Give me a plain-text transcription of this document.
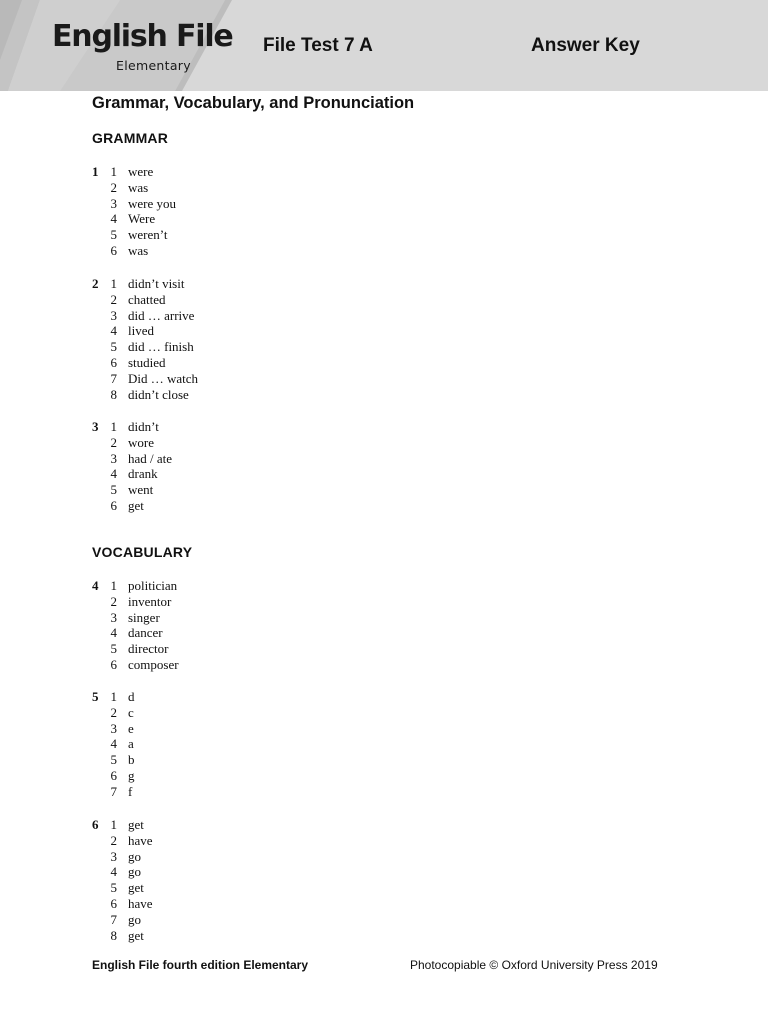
English File
Elementary
File Test 7 A	Answer Key
Grammar, Vocabulary, and Pronunciation
GRAMMAR
1 1 were
2 was
3 were you
4 Were
5 weren’t
6 was
2 1 didn’t visit
2 chatted
3 did … arrive
4 lived
5 did … finish
6 studied
7 Did … watch
8 didn’t close
3 1 didn’t
2 wore
3 had / ate
4 drank
5 went
6 get
VOCABULARY
4 1 politician
2 inventor
3 singer
4 dancer
5 director
6 composer
5 1 d
2 c
3 e
4 a
5 b
6 g
7 f
6 1 get
2 have
3 go
4 go
5 get
6 have
7 go
8 get
English File fourth edition Elementary	Photocopiable © Oxford University Press 2019
